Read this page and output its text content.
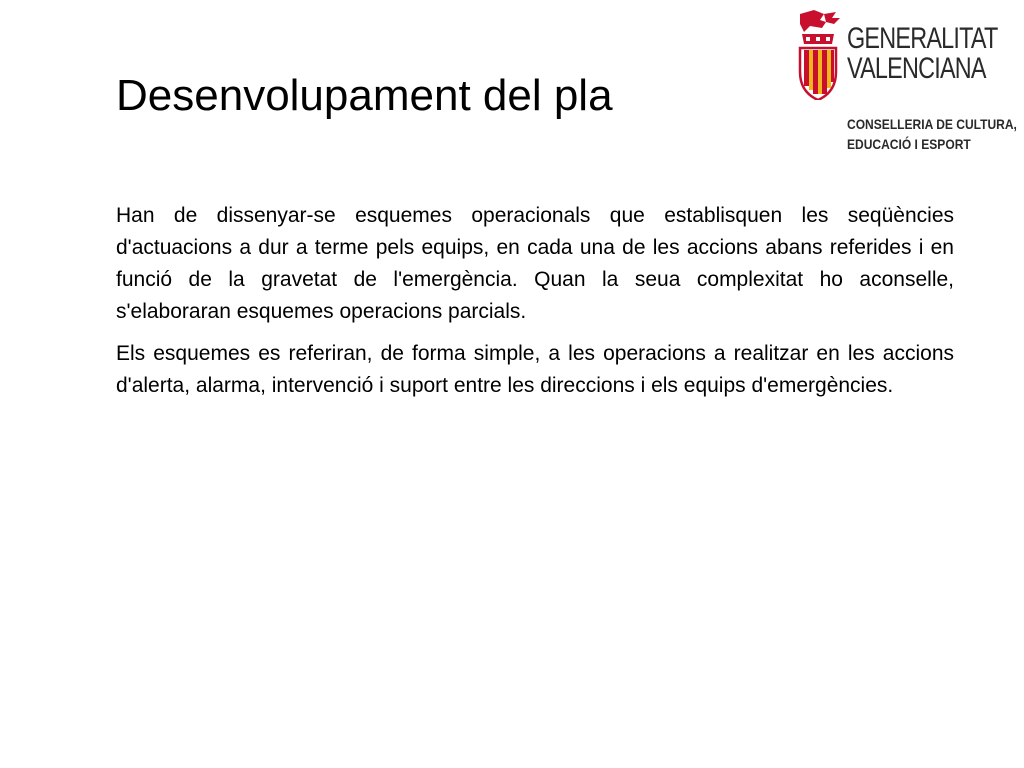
Desenvolupament del pla
GENERALITAT
VALENCIANA
CONSELLERIA DE CULTURA,
EDUCACIÓ I ESPORT

Han de dissenyar-se esquemes operacionals que establisquen les seqüències d'actuacions a dur a terme pels equips, en cada una de les accions abans referides i en funció de la gravetat de l'emergència. Quan la seua complexitat ho aconselle, s'elaboraran esquemes operacions parcials.

Els esquemes es referiran, de forma simple, a les operacions a realitzar en les accions d'alerta, alarma, intervenció i suport entre les direccions i els equips d'emergències.
